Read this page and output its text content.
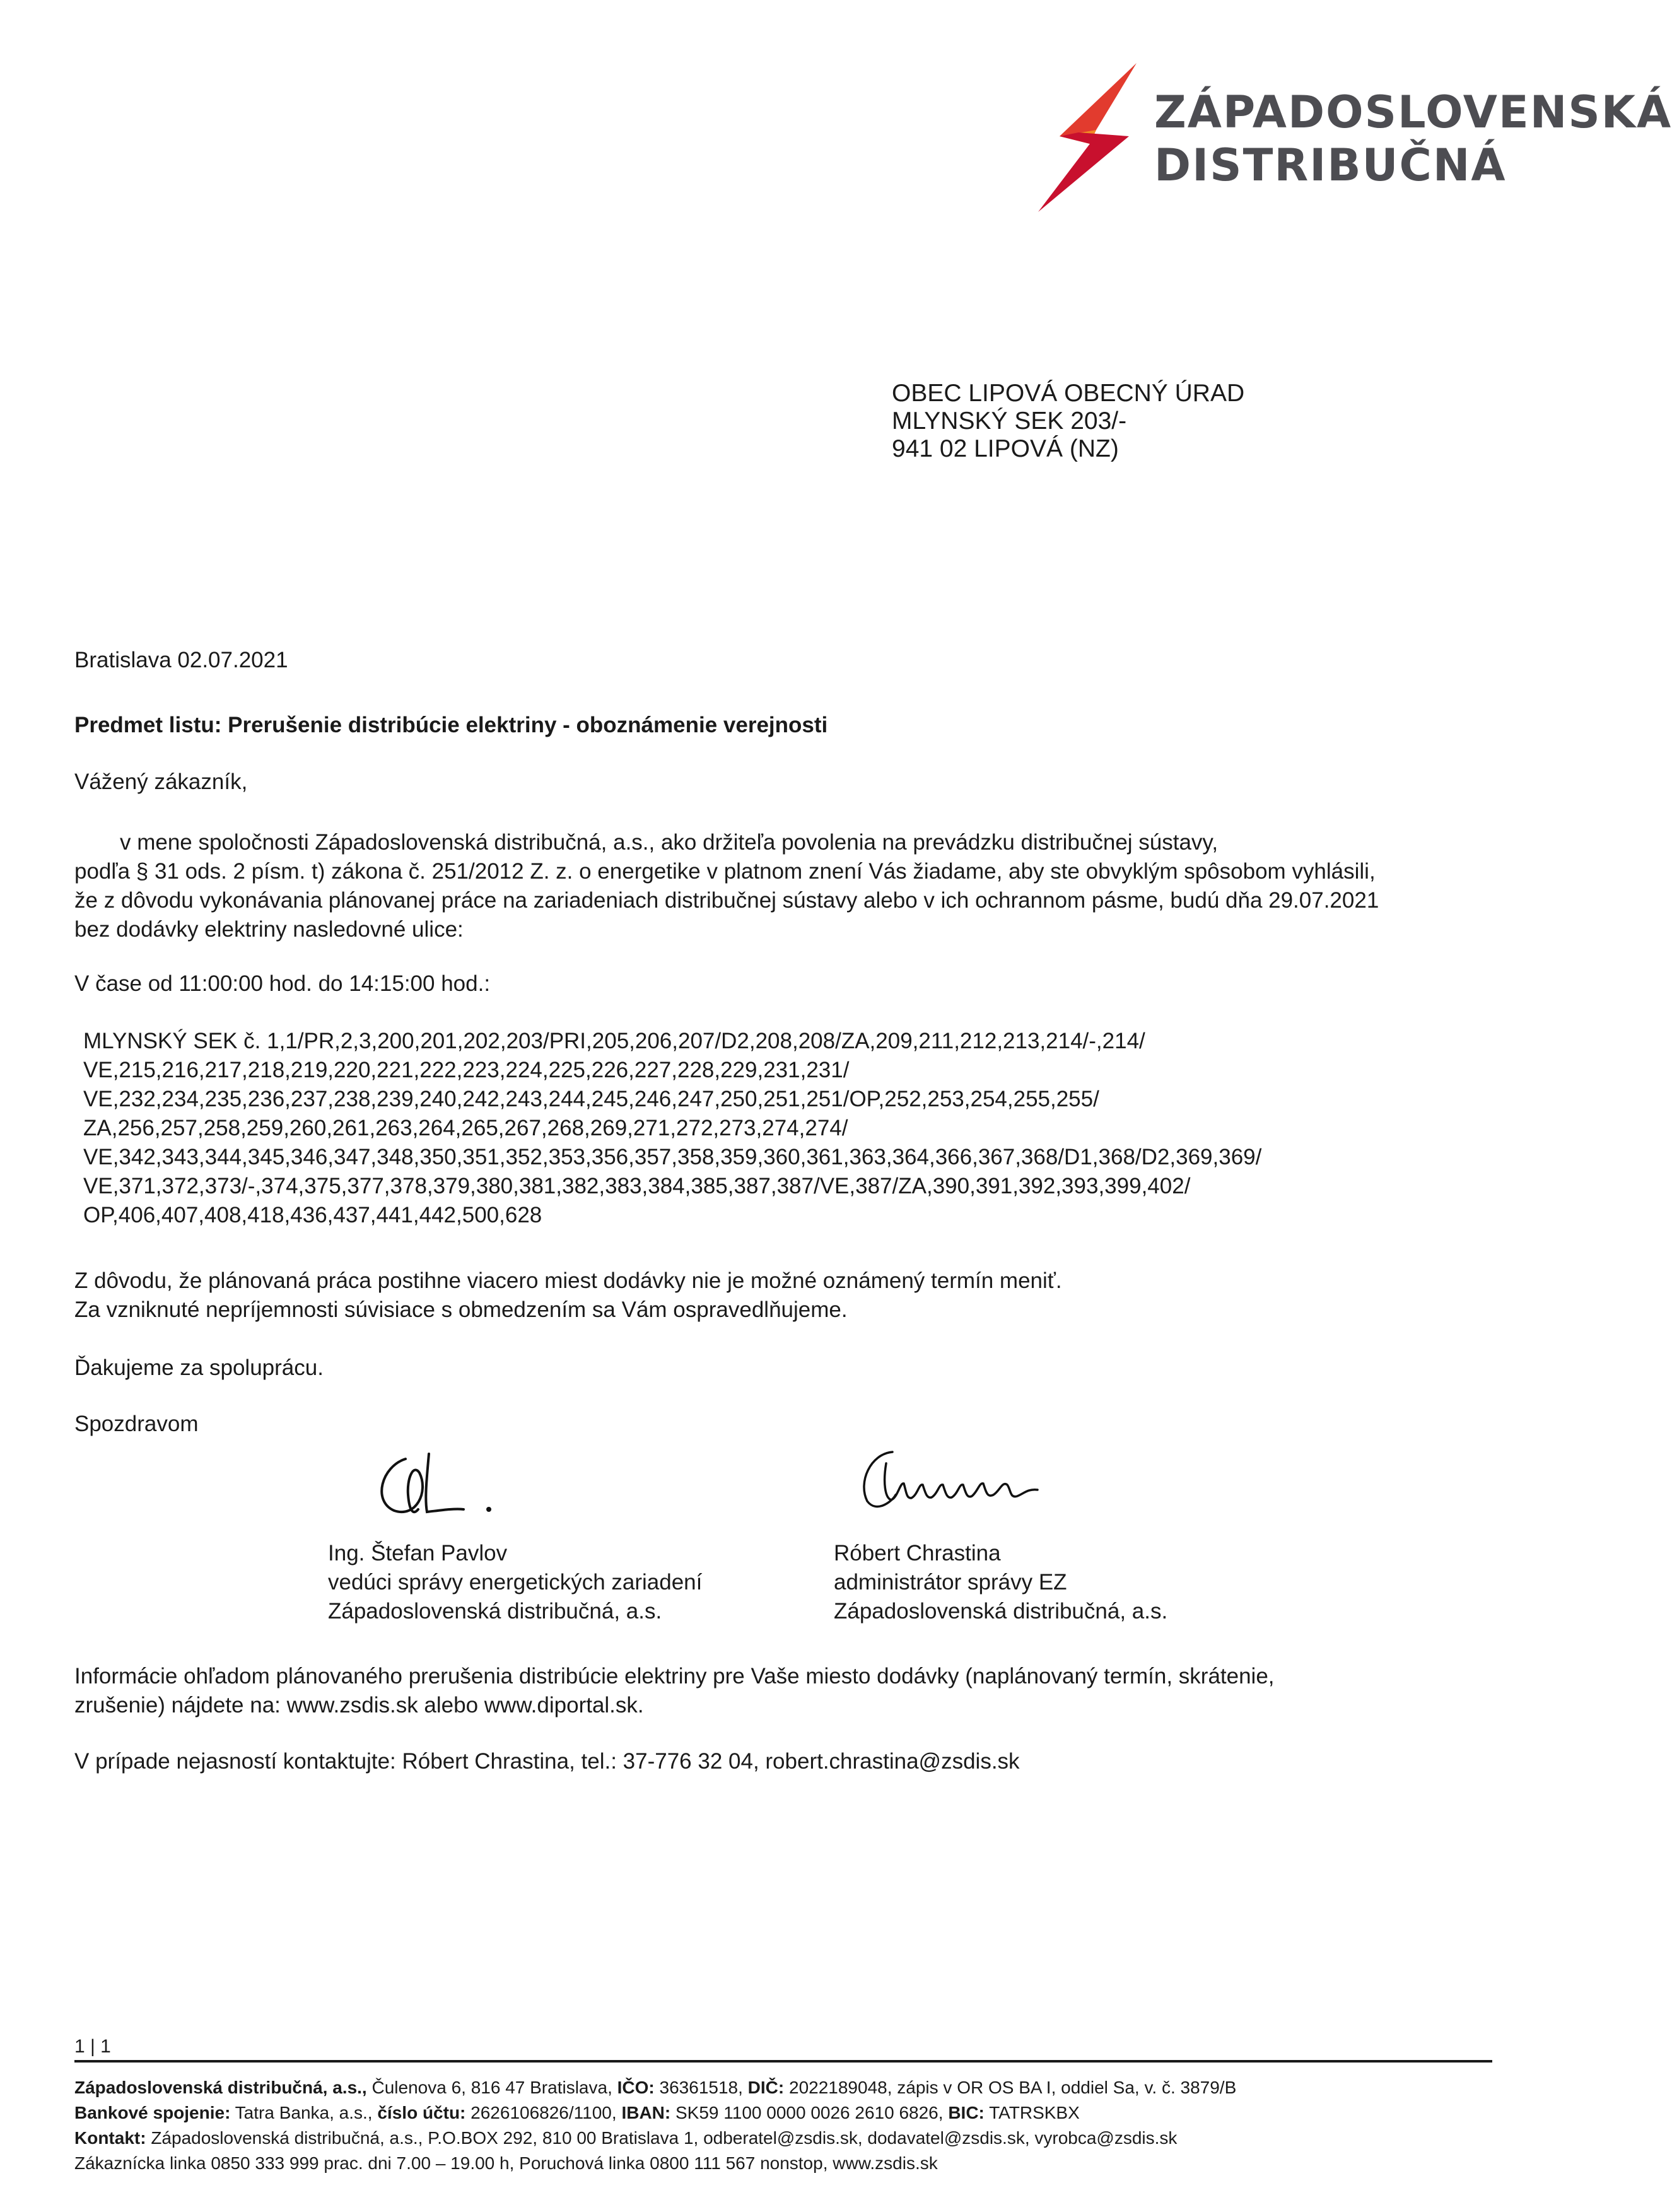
ZÁPADOSLOVENSKÁ
DISTRIBUČNÁ
OBEC LIPOVÁ OBECNÝ ÚRAD
MLYNSKÝ SEK 203/-
941 02 LIPOVÁ (NZ)
Bratislava 02.07.2021
Predmet listu: Prerušenie distribúcie elektriny - oboznámenie verejnosti
Vážený zákazník,
v mene spoločnosti Západoslovenská distribučná, a.s., ako držiteľa povolenia na prevádzku distribučnej sústavy,
podľa § 31 ods. 2 písm. t) zákona č. 251/2012 Z. z. o energetike v platnom znení Vás žiadame, aby ste obvyklým spôsobom vyhlásili,
že z dôvodu vykonávania plánovanej práce na zariadeniach distribučnej sústavy alebo v ich ochrannom pásme, budú dňa 29.07.2021
bez dodávky elektriny nasledovné ulice:
V čase od 11:00:00 hod. do 14:15:00 hod.:
MLYNSKÝ SEK č. 1,1/PR,2,3,200,201,202,203/PRI,205,206,207/D2,208,208/ZA,209,211,212,213,214/-,214/
VE,215,216,217,218,219,220,221,222,223,224,225,226,227,228,229,231,231/
VE,232,234,235,236,237,238,239,240,242,243,244,245,246,247,250,251,251/OP,252,253,254,255,255/
ZA,256,257,258,259,260,261,263,264,265,267,268,269,271,272,273,274,274/
VE,342,343,344,345,346,347,348,350,351,352,353,356,357,358,359,360,361,363,364,366,367,368/D1,368/D2,369,369/
VE,371,372,373/-,374,375,377,378,379,380,381,382,383,384,385,387,387/VE,387/ZA,390,391,392,393,399,402/
OP,406,407,408,418,436,437,441,442,500,628
Z dôvodu, že plánovaná práca postihne viacero miest dodávky nie je možné oznámený termín meniť.
Za vzniknuté nepríjemnosti súvisiace s obmedzením sa Vám ospravedlňujeme.
Ďakujeme za spoluprácu.
Spozdravom
Ing. Štefan Pavlov
vedúci správy energetických zariadení
Západoslovenská distribučná, a.s.
Róbert Chrastina
administrátor správy EZ
Západoslovenská distribučná, a.s.
Informácie ohľadom plánovaného prerušenia distribúcie elektriny pre Vaše miesto dodávky (naplánovaný termín, skrátenie,
zrušenie) nájdete na: www.zsdis.sk alebo www.diportal.sk.
V prípade nejasností kontaktujte: Róbert Chrastina, tel.: 37-776 32 04, robert.chrastina@zsdis.sk
1 | 1
Západoslovenská distribučná, a.s., Čulenova 6, 816 47 Bratislava, IČO: 36361518, DIČ: 2022189048, zápis v OR OS BA I, oddiel Sa, v. č. 3879/B
Bankové spojenie: Tatra Banka, a.s., číslo účtu: 2626106826/1100, IBAN: SK59 1100 0000 0026 2610 6826, BIC: TATRSKBX
Kontakt: Západoslovenská distribučná, a.s., P.O.BOX 292, 810 00 Bratislava 1, odberatel@zsdis.sk, dodavatel@zsdis.sk, vyrobca@zsdis.sk
Zákaznícka linka 0850 333 999 prac. dni 7.00 – 19.00 h, Poruchová linka 0800 111 567 nonstop, www.zsdis.sk
